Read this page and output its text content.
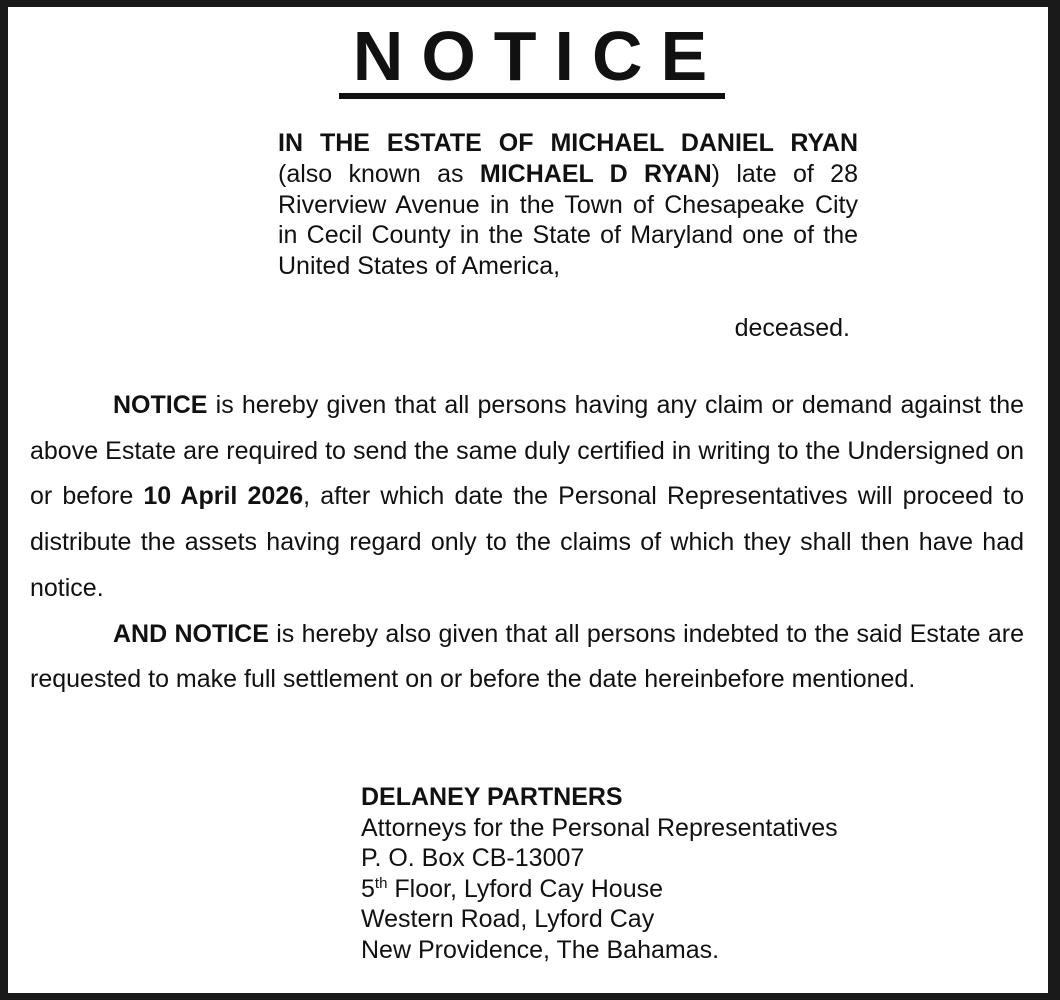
NOTICE
IN THE ESTATE OF MICHAEL DANIEL RYAN (also known as MICHAEL D RYAN) late of 28 Riverview Avenue in the Town of Chesapeake City in Cecil County in the State of Maryland one of the United States of America,
deceased.

NOTICE is hereby given that all persons having any claim or demand against the above Estate are required to send the same duly certified in writing to the Undersigned on or before 10 April 2026, after which date the Personal Representatives will proceed to distribute the assets having regard only to the claims of which they shall then have had notice.

AND NOTICE is hereby also given that all persons indebted to the said Estate are requested to make full settlement on or before the date hereinbefore mentioned.

DELANEY PARTNERS
Attorneys for the Personal Representatives
P. O. Box CB-13007
5th Floor, Lyford Cay House
Western Road, Lyford Cay
New Providence, The Bahamas.
